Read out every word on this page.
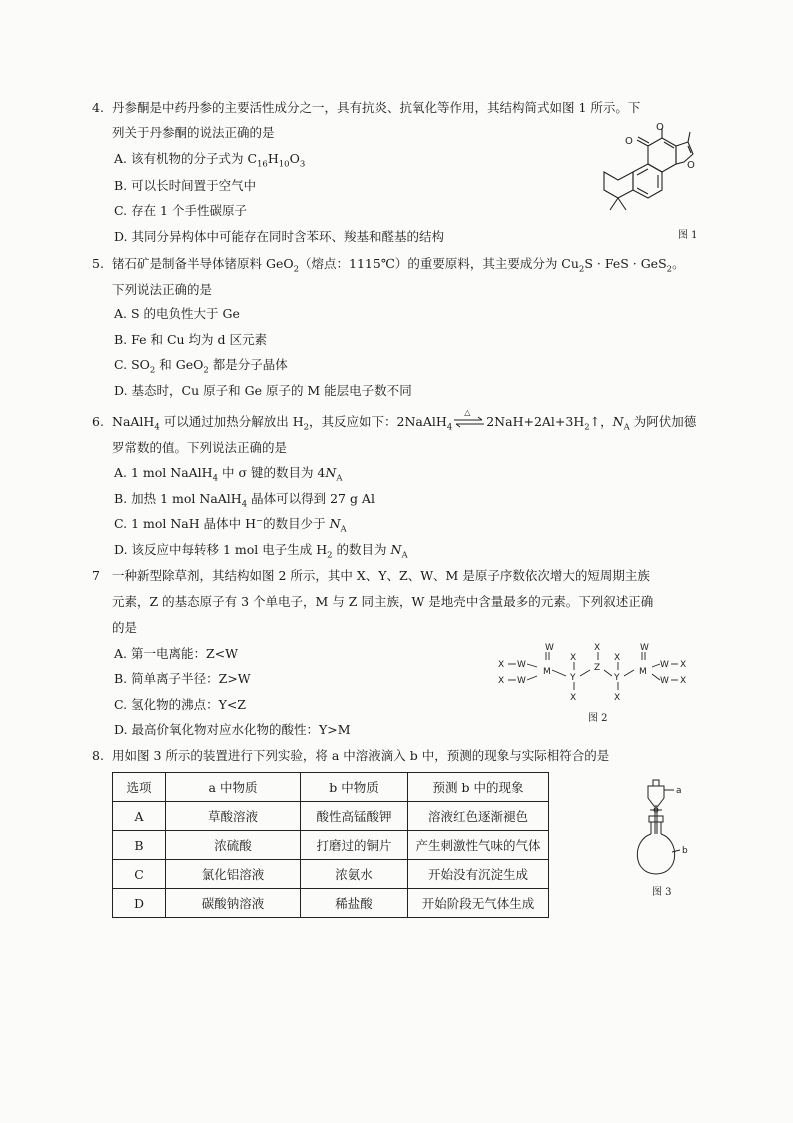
4. 丹参酮是中药丹参的主要活性成分之一，具有抗炎、抗氧化等作用，其结构简式如图 1 所示。下
列关于丹参酮的说法正确的是
A. 该有机物的分子式为 $C_{16}H_{10}O_3$
B. 可以长时间置于空气中
C. 存在 1 个手性碳原子
D. 其同分异构体中可能存在同时含苯环、羧基和醛基的结构
O
O
O
图 1
5. 锗石矿是制备半导体锗原料 GeO$_2$（熔点：1115℃）的重要原料，其主要成分为 $Cu_2S$ · FeS · GeS$_2$。
下列说法正确的是
A. S 的电负性大于 Ge
B. Fe 和 Cu 均为 d 区元素
C. $SO_2$ 和 GeO$_2$ 都是分子晶体
D. 基态时，Cu 原子和 Ge 原子的 M 能层电子数不同
6. NaAlH$_4$ 可以通过加热分解放出 $H_2$，其反应如下：2NaAlH$_4$
△
$2NaH+2Al+3H_2↑$，$N_A$ 为阿伏加德
罗常数的值。下列说法正确的是
A. 1 mol NaAlH$_4$ 中 σ 键的数目为 $4N_A$
B. 加热 1 mol NaAlH$_4$ 晶体可以得到 27 g Al
C. 1 mol NaH 晶体中 H−的数目少于 $N_A$
D. 该反应中每转移 1 mol 电子生成 $H_2$ 的数目为 $N_A$
7 一种新型除草剂，其结构如图 2 所示，其中 X、Y、Z、W、M 是原子序数依次增大的短周期主族
元素，Z 的基态原子有 3 个单电子，M 与 Z 同主族，W 是地壳中含量最多的元素。下列叙述正确
的是
A. 第一电离能：Z<W
B. 简单离子半径：Z>W
C. 氢化物的沸点：Y<Z
D. 最高价氧化物对应水化物的酸性：Y>M
X W
X W
M
W
X
Y
X
X
Z
X
Y
X
M
W
W X
W X
图 2
8. 用如图 3 所示的装置进行下列实验，将 a 中溶液滴入 b 中，预测的现象与实际相符合的是
选项	a 中物质	b 中物质	预测 b 中的现象
A	草酸溶液	酸性高锰酸钾	溶液红色逐渐褪色
B	浓硫酸	打磨过的铜片	产生刺激性气味的气体
C	氯化铝溶液	浓氨水	开始没有沉淀生成
D	碳酸钠溶液	稀盐酸	开始阶段无气体生成
a
b
图 3
